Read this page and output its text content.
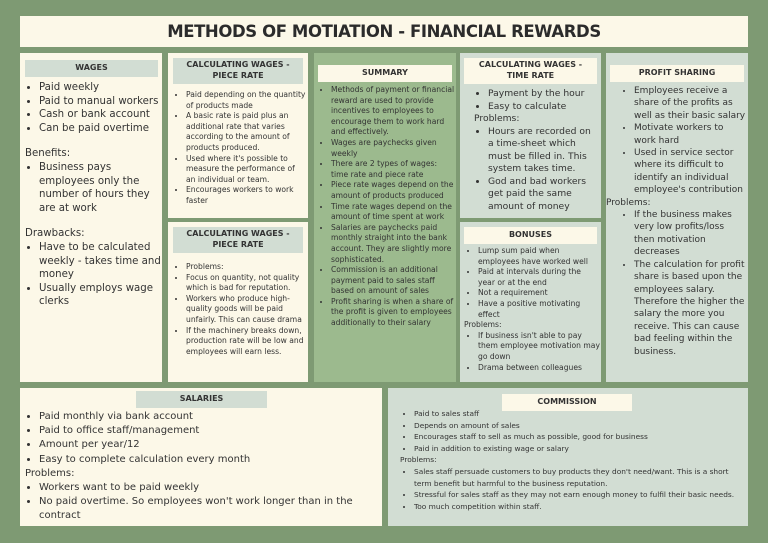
METHODS OF MOTIATION - FINANCIAL REWARDS
WAGES
• Paid weekly
• Paid to manual workers
• Cash or bank account
• Can be paid overtime

Benefits:

• Business pays employees only the number of hours they are at work

Drawbacks:

• Have to be calculated weekly - takes time and money
• Usually employs wage clerks
CALCULATING WAGES - PIECE RATE
• Paid depending on the quantity of products made
• A basic rate is paid plus an additional rate that varies according to the amount of products produced.
• Used where it's possible to measure the performance of an individual or team.
• Encourages workers to work faster
CALCULATING WAGES - PIECE RATE
• Problems:
• Focus on quantity, not quality which is bad for reputation.
• Workers who produce high-quality goods will be paid unfairly. This can cause drama
• If the machinery breaks down, production rate will be low and employees will earn less.
SUMMARY
• Methods of payment or financial reward are used to provide incentives to employees to encourage them to work hard and effectively.
• Wages are paychecks given weekly
• There are 2 types of wages: time rate and piece rate
• Piece rate wages depend on the amount of products produced
• Time rate wages depend on the amount of time spent at work
• Salaries are paychecks paid monthly straight into the bank account. They are slightly more sophisticated.
• Commission is an additional payment paid to sales staff based on amount of sales
• Profit sharing is when a share of the profit is given to employees additionally to their salary
CALCULATING WAGES - TIME RATE
• Payment by the hour
• Easy to calculate

Problems:

• Hours are recorded on a time-sheet which must be filled in. This system takes time.
• God and bad workers get paid the same amount of money
BONUSES
• Lump sum paid when employees have worked well
• Paid at intervals during the year or at the end
• Not a requirement
• Have a positive motivating effect

Problems:

• If business isn't able to pay them employee motivation may go down
• Drama between colleagues
PROFIT SHARING
• Employees receive a share of the profits as well as their basic salary
• Motivate workers to work hard
• Used in service sector where its difficult to identify an individual employee's contribution

Problems:

• If the business makes very low profits/loss then motivation decreases
• The calculation for profit share is based upon the employees salary. Therefore the higher the salary the more you receive. This can cause bad feeling within the business.
SALARIES
• Paid monthly via bank account
• Paid to office staff/management
• Amount per year/12
• Easy to complete calculation every month

Problems:

• Workers want to be paid weekly
• No paid overtime. So employees won't work longer than in the contract
COMMISSION
• Paid to sales staff
• Depends on amount of sales
• Encourages staff to sell as much as possible, good for business
• Paid in addition to existing wage or salary

Problems:

• Sales staff persuade customers to buy products they don't need/want. This is a short term benefit but harmful to the business reputation.
• Stressful for sales staff as they may not earn enough money to fulfil their basic needs.
• Too much competition within staff.
